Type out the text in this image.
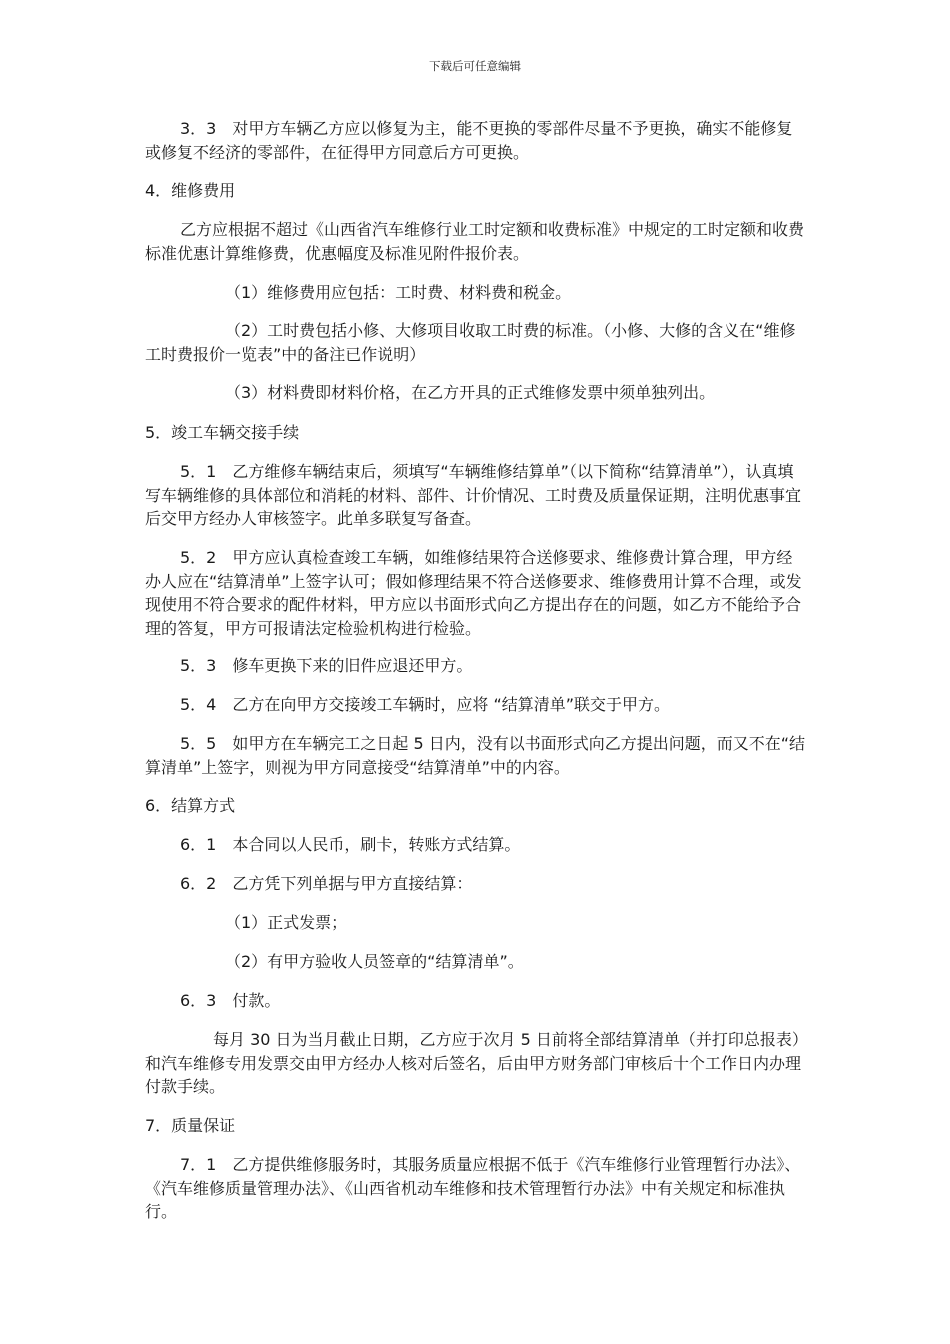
下载后可任意编辑

3．3　对甲方车辆乙方应以修复为主，能不更换的零部件尽量不予更换，确实不能修复或修复不经济的零部件，在征得甲方同意后方可更换。

4．维修费用

乙方应根据不超过《山西省汽车维修行业工时定额和收费标准》中规定的工时定额和收费标准优惠计算维修费，优惠幅度及标准见附件报价表。

（1）维修费用应包括：工时费、材料费和税金。

（2）工时费包括小修、大修项目收取工时费的标准。（小修、大修的含义在“维修工时费报价一览表”中的备注已作说明）

（3）材料费即材料价格，在乙方开具的正式维修发票中须单独列出。

5．竣工车辆交接手续

5．1　乙方维修车辆结束后，须填写“车辆维修结算单”（以下简称“结算清单”），认真填写车辆维修的具体部位和消耗的材料、部件、计价情况、工时费及质量保证期，注明优惠事宜后交甲方经办人审核签字。此单多联复写备查。

5．2　甲方应认真检查竣工车辆，如维修结果符合送修要求、维修费计算合理，甲方经办人应在“结算清单”上签字认可；假如修理结果不符合送修要求、维修费用计算不合理，或发现使用不符合要求的配件材料，甲方应以书面形式向乙方提出存在的问题，如乙方不能给予合理的答复，甲方可报请法定检验机构进行检验。

5．3　修车更换下来的旧件应退还甲方。

5．4　乙方在向甲方交接竣工车辆时，应将 “结算清单”联交于甲方。

5．5　如甲方在车辆完工之日起 5 日内，没有以书面形式向乙方提出问题，而又不在“结算清单”上签字，则视为甲方同意接受“结算清单”中的内容。

6．结算方式

6．1　本合同以人民币，刷卡，转账方式结算。

6．2　乙方凭下列单据与甲方直接结算：

（1）正式发票；

（2）有甲方验收人员签章的“结算清单”。

6．3　付款。

每月 30 日为当月截止日期，乙方应于次月 5 日前将全部结算清单（并打印总报表）和汽车维修专用发票交由甲方经办人核对后签名，后由甲方财务部门审核后十个工作日内办理付款手续。

7．质量保证

7．1　乙方提供维修服务时，其服务质量应根据不低于《汽车维修行业管理暂行办法》、《汽车维修质量管理办法》、《山西省机动车维修和技术管理暂行办法》中有关规定和标准执行。
